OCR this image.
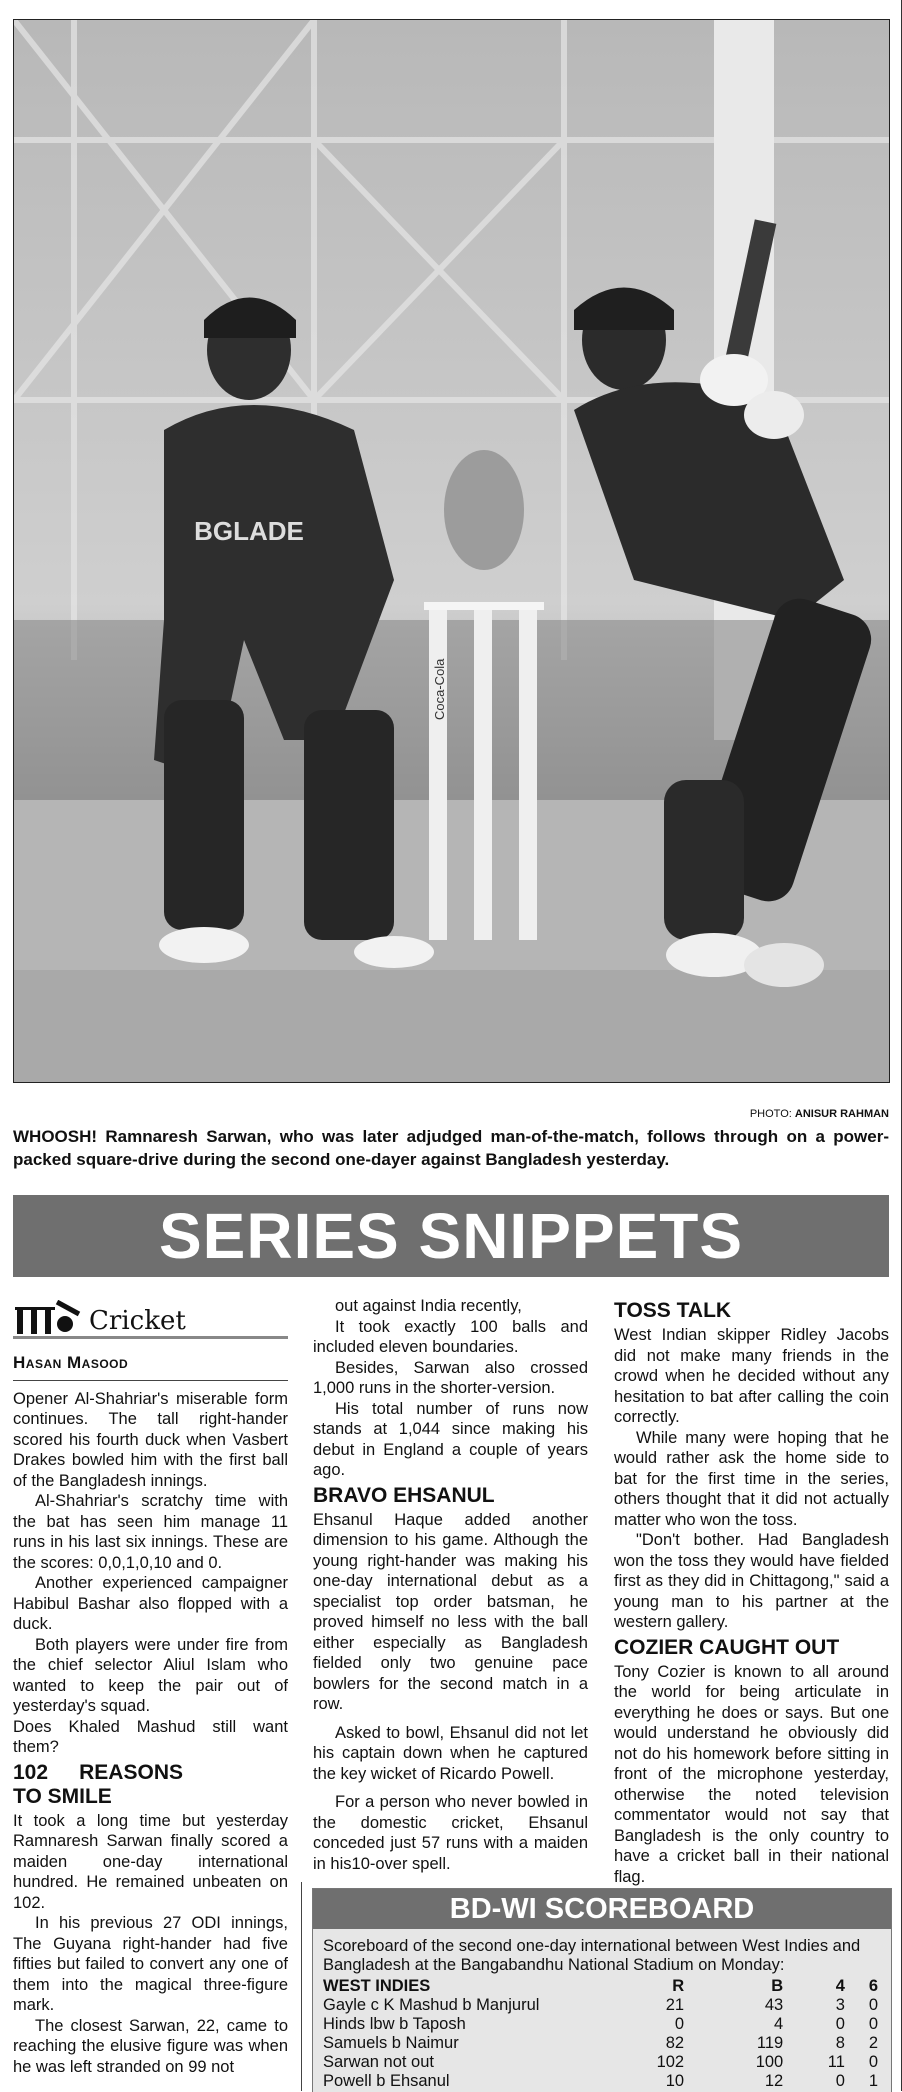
BGLADE
Coca-Cola
PHOTO: ANISUR RAHMAN
WHOOSH! Ramnaresh Sarwan, who was later adjudged man-of-the-match, follows through on a power-packed square-drive during the second one-dayer against Bangladesh yesterday.
SERIES SNIPPETS
Cricket
Hasan Masood

Opener Al-Shahriar's miserable form continues. The tall right-hander scored his fourth duck when Vasbert Drakes bowled him with the first ball of the Bangladesh innings.

Al-Shahriar's scratchy time with the bat has seen him manage 11 runs in his last six innings. These are the scores: 0,0,1,0,10 and 0.

Another experienced campaigner Habibul Bashar also flopped with a duck.

Both players were under fire from the chief selector Aliul Islam who wanted to keep the pair out of yesterday's squad.

Does Khaled Mashud still want them?

102 REASONS TO SMILE

It took a long time but yesterday Ramnaresh Sarwan finally scored a maiden one-day international hundred. He remained unbeaten on 102.

In his previous 27 ODI innings, The Guyana right-hander had five fifties but failed to convert any one of them into the magical three-figure mark.

The closest Sarwan, 22, came to reaching the elusive figure was when he was left stranded on 99 not

out against India recently,

It took exactly 100 balls and included eleven boundaries.

Besides, Sarwan also crossed 1,000 runs in the shorter-version.

His total number of runs now stands at 1,044 since making his debut in England a couple of years ago.

BRAVO EHSANUL

Ehsanul Haque added another dimension to his game. Although the young right-hander was making his one-day international debut as a specialist top order batsman, he proved himself no less with the ball either especially as Bangladesh fielded only two genuine pace bowlers for the second match in a row.

Asked to bowl, Ehsanul did not let his captain down when he captured the key wicket of Ricardo Powell.

For a person who never bowled in the domestic cricket, Ehsanul conceded just 57 runs with a maiden in his10-over spell.

TOSS TALK

West Indian skipper Ridley Jacobs did not make many friends in the crowd when he decided without any hesitation to bat after calling the coin correctly.

While many were hoping that he would rather ask the home side to bat for the first time in the series, others thought that it did not actually matter who won the toss.

"Don't bother. Had Bangladesh won the toss they would have fielded first as they did in Chittagong," said a young man to his partner at the western gallery.

COZIER CAUGHT OUT

Tony Cozier is known to all around the world for being articulate in everything he does or says. But one would understand he obviously did not do his homework before sitting in front of the microphone yesterday, otherwise the noted television commentator would not say that Bangladesh is the only country to have a cricket ball in their national flag.

BD-WI SCOREBOARD
Scoreboard of the second one-day international between West Indies and Bangladesh at the Bangabandhu National Stadium on Monday:
WEST INDIES	R	B	4	6
Gayle c K Mashud b Manjurul	21	43	3	0
Hinds lbw b Taposh	0	4	0	0
Samuels b Naimur	82	119	8	2
Sarwan not out	102	100	11	0
Powell b Ehsanul	10	12	0	1
